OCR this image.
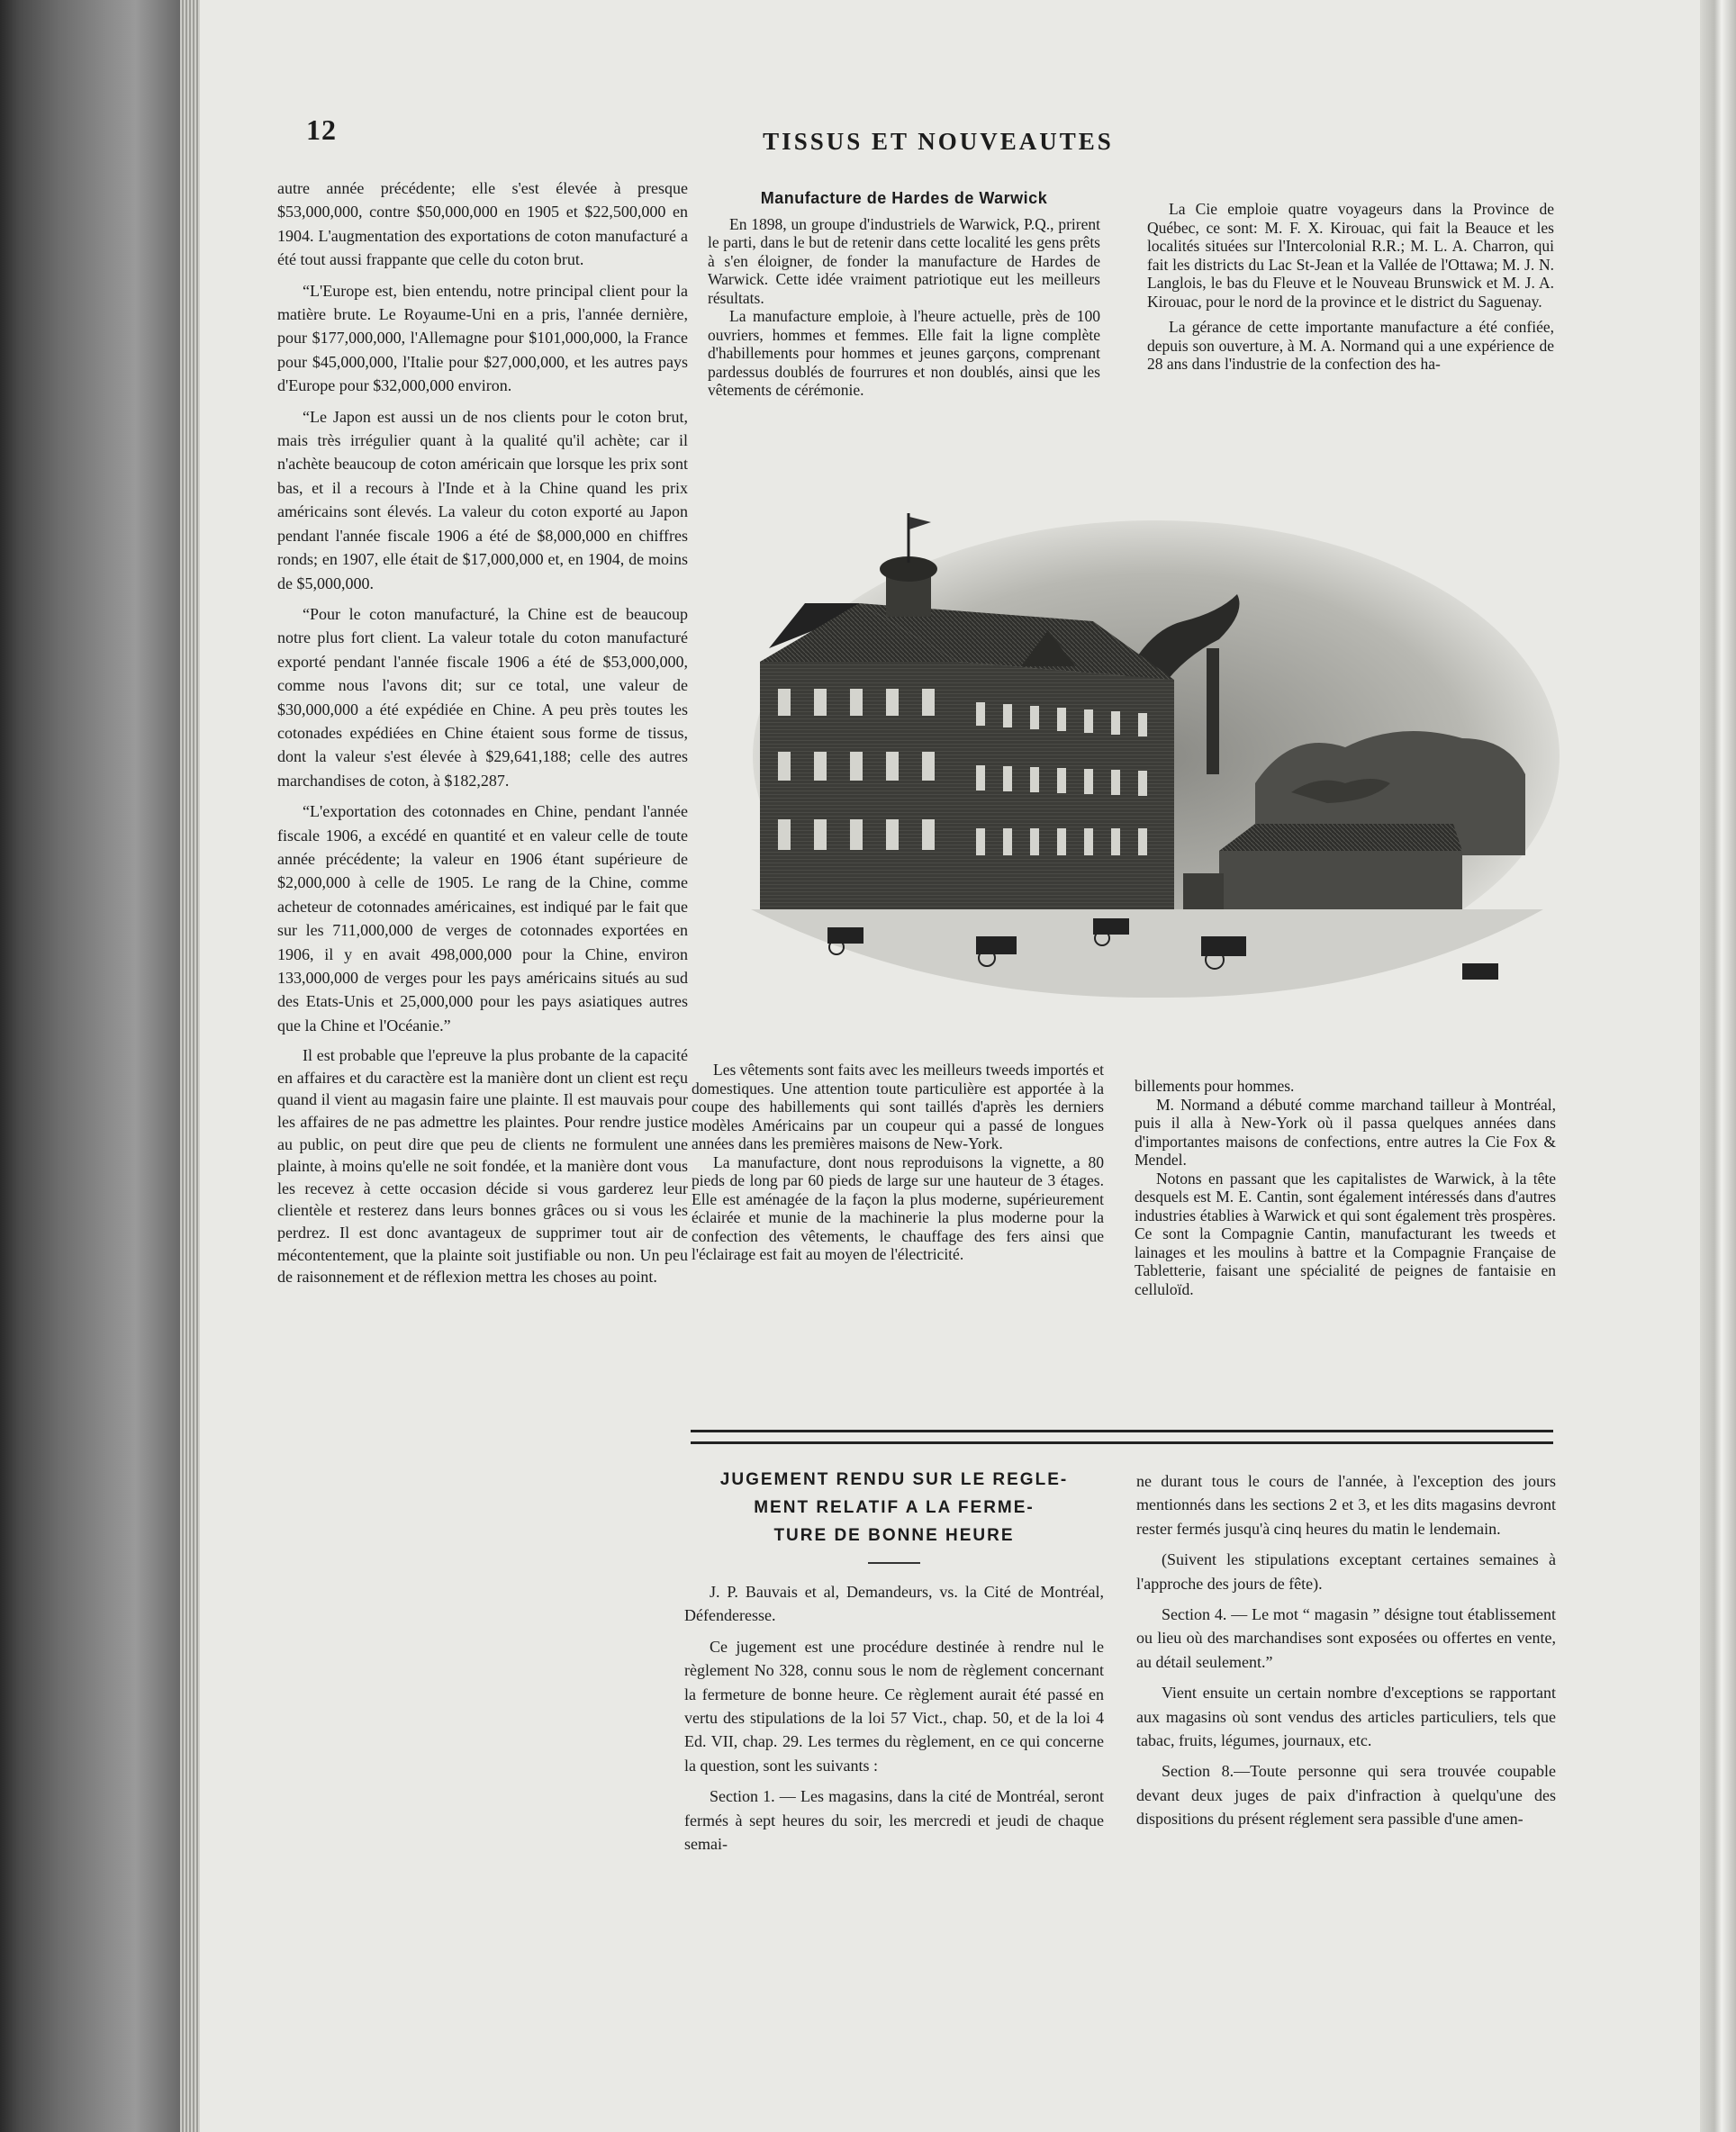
12	TISSUS ET NOUVEAUTES

autre année précédente; elle s'est élevée à presque $53,000,000, contre $50,000,000 en 1905 et $22,500,000 en 1904. L'augmentation des exportations de coton manufacturé a été tout aussi frappante que celle du coton brut.

“L'Europe est, bien entendu, notre principal client pour la matière brute. Le Royaume-Uni en a pris, l'année dernière, pour $177,000,000, l'Allemagne pour $101,000,000, la France pour $45,000,000, l'Italie pour $27,000,000, et les autres pays d'Europe pour $32,000,000 environ.

“Le Japon est aussi un de nos clients pour le coton brut, mais très irrégulier quant à la qualité qu'il achète; car il n'achète beaucoup de coton américain que lorsque les prix sont bas, et il a recours à l'Inde et à la Chine quand les prix américains sont élevés. La valeur du coton exporté au Japon pendant l'année fiscale 1906 a été de $8,000,000 en chiffres ronds; en 1907, elle était de $17,000,000 et, en 1904, de moins de $5,000,000.

“Pour le coton manufacturé, la Chine est de beaucoup notre plus fort client. La valeur totale du coton manufacturé exporté pendant l'année fiscale 1906 a été de $53,000,000, comme nous l'avons dit; sur ce total, une valeur de $30,000,000 a été expédiée en Chine. A peu près toutes les cotonades expédiées en Chine étaient sous forme de tissus, dont la valeur s'est élevée à $29,641,188; celle des autres marchandises de coton, à $182,287.

“L'exportation des cotonnades en Chine, pendant l'année fiscale 1906, a excédé en quantité et en valeur celle de toute année précédente; la valeur en 1906 étant supérieure de $2,000,000 à celle de 1905. Le rang de la Chine, comme acheteur de cotonnades américaines, est indiqué par le fait que sur les 711,000,000 de verges de cotonnades exportées en 1906, il y en avait 498,000,000 pour la Chine, environ 133,000,000 de verges pour les pays américains situés au sud des Etats-Unis et 25,000,000 pour les pays asiatiques autres que la Chine et l'Océanie.”

Il est probable que l'epreuve la plus probante de la capacité en affaires et du caractère est la manière dont un client est reçu quand il vient au magasin faire une plainte. Il est mauvais pour les affaires de ne pas admettre les plaintes. Pour rendre justice au public, on peut dire que peu de clients ne formulent une plainte, à moins qu'elle ne soit fondée, et la manière dont vous les recevez à cette occasion décide si vous garderez leur clientèle et resterez dans leurs bonnes grâces ou si vous les perdrez. Il est donc avantageux de supprimer tout air de mécontentement, que la plainte soit justifiable ou non. Un peu de raisonnement et de réflexion mettra les choses au point.

Manufacture de Hardes de Warwick

En 1898, un groupe d'industriels de Warwick, P.Q., prirent le parti, dans le but de retenir dans cette localité les gens prêts à s'en éloigner, de fonder la manufacture de Hardes de Warwick. Cette idée vraiment patriotique eut les meilleurs résultats.

La manufacture emploie, à l'heure actuelle, près de 100 ouvriers, hommes et femmes. Elle fait la ligne complète d'habillements pour hommes et jeunes garçons, comprenant pardessus doublés de fourrures et non doublés, ainsi que les vêtements de cérémonie.

La Cie emploie quatre voyageurs dans la Province de Québec, ce sont: M. F. X. Kirouac, qui fait la Beauce et les localités situées sur l'Intercolonial R.R.; M. L. A. Charron, qui fait les districts du Lac St-Jean et la Vallée de l'Ottawa; M. J. N. Langlois, le bas du Fleuve et le Nouveau Brunswick et M. J. A. Kirouac, pour le nord de la province et le district du Saguenay.

La gérance de cette importante manufacture a été confiée, depuis son ouverture, à M. A. Normand qui a une expérience de 28 ans dans l'industrie de la confection des ha-

Les vêtements sont faits avec les meilleurs tweeds importés et domestiques. Une attention toute particulière est apportée à la coupe des habillements qui sont taillés d'après les derniers modèles Américains par un coupeur qui a passé de longues années dans les premières maisons de New-York.

La manufacture, dont nous reproduisons la vignette, a 80 pieds de long par 60 pieds de large sur une hauteur de 3 étages. Elle est aménagée de la façon la plus moderne, supérieurement éclairée et munie de la machinerie la plus moderne pour la confection des vêtements, le chauffage des fers ainsi que l'éclairage est fait au moyen de l'électricité.

billements pour hommes.

M. Normand a débuté comme marchand tailleur à Montréal, puis il alla à New-York où il passa quelques années dans d'importantes maisons de confections, entre autres la Cie Fox & Mendel.

Notons en passant que les capitalistes de Warwick, à la tête desquels est M. E. Cantin, sont également intéressés dans d'autres industries établies à Warwick et qui sont également très prospères. Ce sont la Compagnie Cantin, manufacturant les tweeds et lainages et les moulins à battre et la Compagnie Française de Tabletterie, faisant une spécialité de peignes de fantaisie en celluloïd.

JUGEMENT RENDU SUR LE REGLE-
MENT RELATIF A LA FERME-
TURE DE BONNE HEURE

J. P. Bauvais et al, Demandeurs, vs. la Cité de Montréal, Défenderesse.

Ce jugement est une procédure destinée à rendre nul le règlement No 328, connu sous le nom de règlement concernant la fermeture de bonne heure. Ce règlement aurait été passé en vertu des stipulations de la loi 57 Vict., chap. 50, et de la loi 4 Ed. VII, chap. 29. Les termes du règlement, en ce qui concerne la question, sont les suivants :

Section 1. — Les magasins, dans la cité de Montréal, seront fermés à sept heures du soir, les mercredi et jeudi de chaque semai-

ne durant tous le cours de l'année, à l'exception des jours mentionnés dans les sections 2 et 3, et les dits magasins devront rester fermés jusqu'à cinq heures du matin le lendemain.

(Suivent les stipulations exceptant certaines semaines à l'approche des jours de fête).

Section 4. — Le mot “ magasin ” désigne tout établissement ou lieu où des marchandises sont exposées ou offertes en vente, au détail seulement.”

Vient ensuite un certain nombre d'exceptions se rapportant aux magasins où sont vendus des articles particuliers, tels que tabac, fruits, légumes, journaux, etc.

Section 8.—Toute personne qui sera trouvée coupable devant deux juges de paix d'infraction à quelqu'une des dispositions du présent réglement sera passible d'une amen-
